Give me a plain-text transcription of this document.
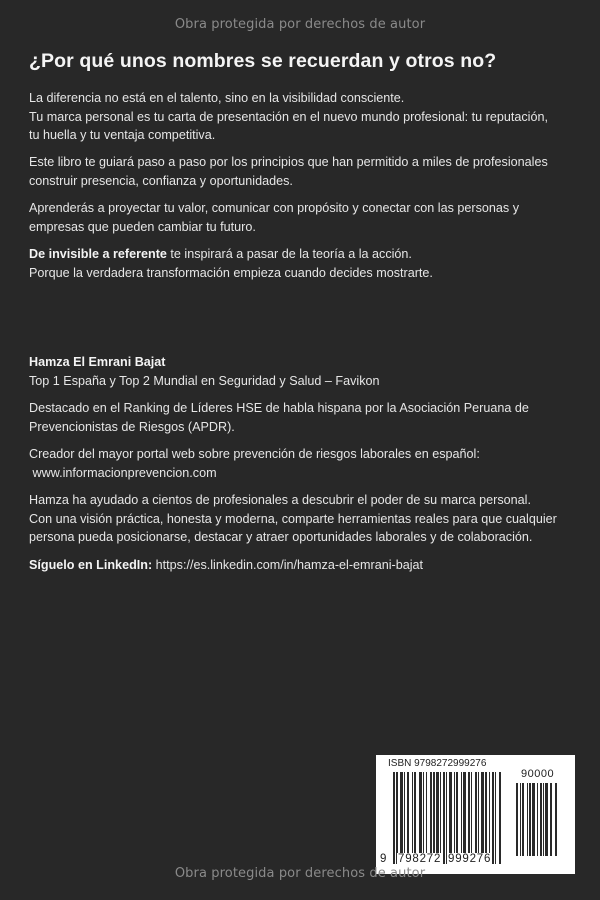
Obra protegida por derechos de autor
¿Por qué unos nombres se recuerdan y otros no?
La diferencia no está en el talento, sino en la visibilidad consciente.
Tu marca personal es tu carta de presentación en el nuevo mundo profesional: tu reputación,
tu huella y tu ventaja competitiva.
Este libro te guiará paso a paso por los principios que han permitido a miles de profesionales
construir presencia, confianza y oportunidades.
Aprenderás a proyectar tu valor, comunicar con propósito y conectar con las personas y
empresas que pueden cambiar tu futuro.
De invisible a referente te inspirará a pasar de la teoría a la acción.
Porque la verdadera transformación empieza cuando decides mostrarte.
Hamza El Emrani Bajat
Top 1 España y Top 2 Mundial en Seguridad y Salud – Favikon
Destacado en el Ranking de Líderes HSE de habla hispana por la Asociación Peruana de
Prevencionistas de Riesgos (APDR).
Creador del mayor portal web sobre prevención de riesgos laborales en español:
www.informacionprevencion.com
Hamza ha ayudado a cientos de profesionales a descubrir el poder de su marca personal.
Con una visión práctica, honesta y moderna, comparte herramientas reales para que cualquier
persona pueda posicionarse, destacar y atraer oportunidades laborales y de colaboración.
Síguelo en LinkedIn: https://es.linkedin.com/in/hamza-el-emrani-bajat
ISBN 9798272999276
90000
9 798272 999276
Obra protegida por derechos de autor
